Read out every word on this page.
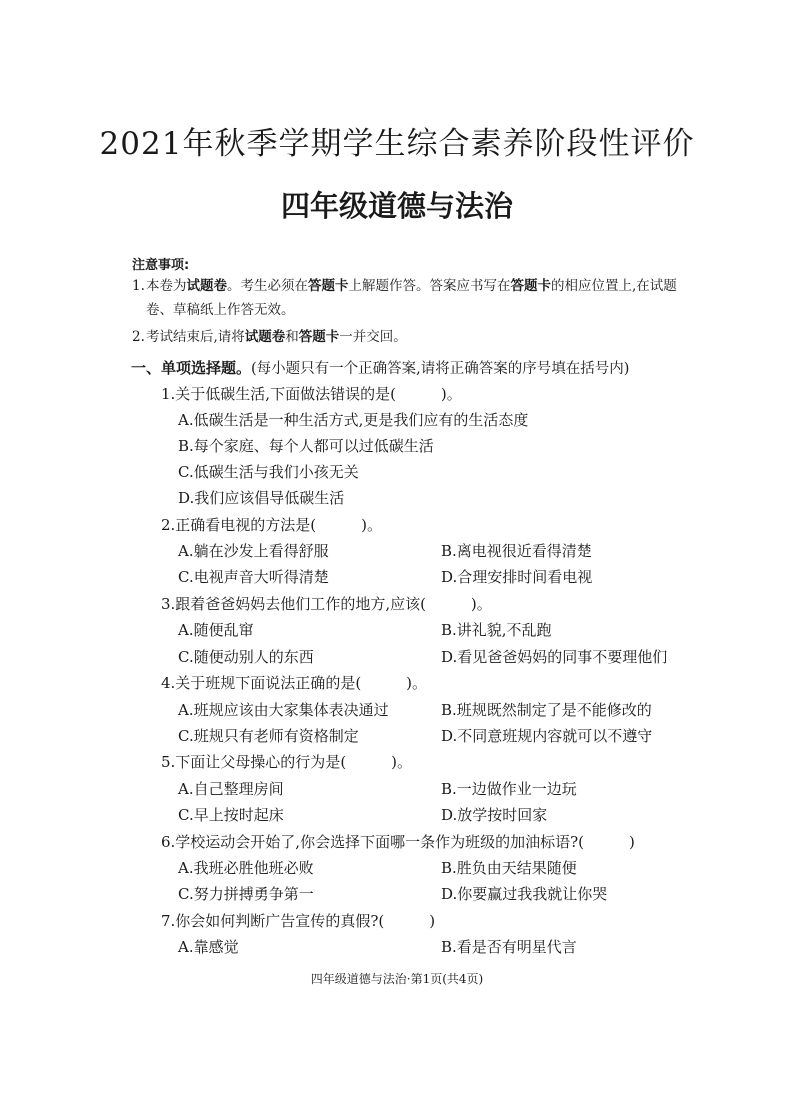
2021年秋季学期学生综合素养阶段性评价
四年级道德与法治
注意事项:
1.本卷为试题卷。考生必须在答题卡上解题作答。答案应书写在答题卡的相应位置上,在试题
卷、草稿纸上作答无效。
2.考试结束后,请将试题卷和答题卡一并交回。
一、单项选择题。(每小题只有一个正确答案,请将正确答案的序号填在括号内)
1.关于低碳生活,下面做法错误的是(　　　)。
A.低碳生活是一种生活方式,更是我们应有的生活态度
B.每个家庭、每个人都可以过低碳生活
C.低碳生活与我们小孩无关
D.我们应该倡导低碳生活
2.正确看电视的方法是(　　　)。
A.躺在沙发上看得舒服	B.离电视很近看得清楚
C.电视声音大听得清楚	D.合理安排时间看电视
3.跟着爸爸妈妈去他们工作的地方,应该(　　　)。
A.随便乱窜	B.讲礼貌,不乱跑
C.随便动别人的东西	D.看见爸爸妈妈的同事不要理他们
4.关于班规下面说法正确的是(　　　)。
A.班规应该由大家集体表决通过	B.班规既然制定了是不能修改的
C.班规只有老师有资格制定	D.不同意班规内容就可以不遵守
5.下面让父母操心的行为是(　　　)。
A.自己整理房间	B.一边做作业一边玩
C.早上按时起床	D.放学按时回家
6.学校运动会开始了,你会选择下面哪一条作为班级的加油标语?(　　　)
A.我班必胜他班必败	B.胜负由天结果随便
C.努力拼搏勇争第一	D.你要赢过我我就让你哭
7.你会如何判断广告宣传的真假?(　　　)
A.靠感觉	B.看是否有明星代言
四年级道德与法治·第1页(共4页)
